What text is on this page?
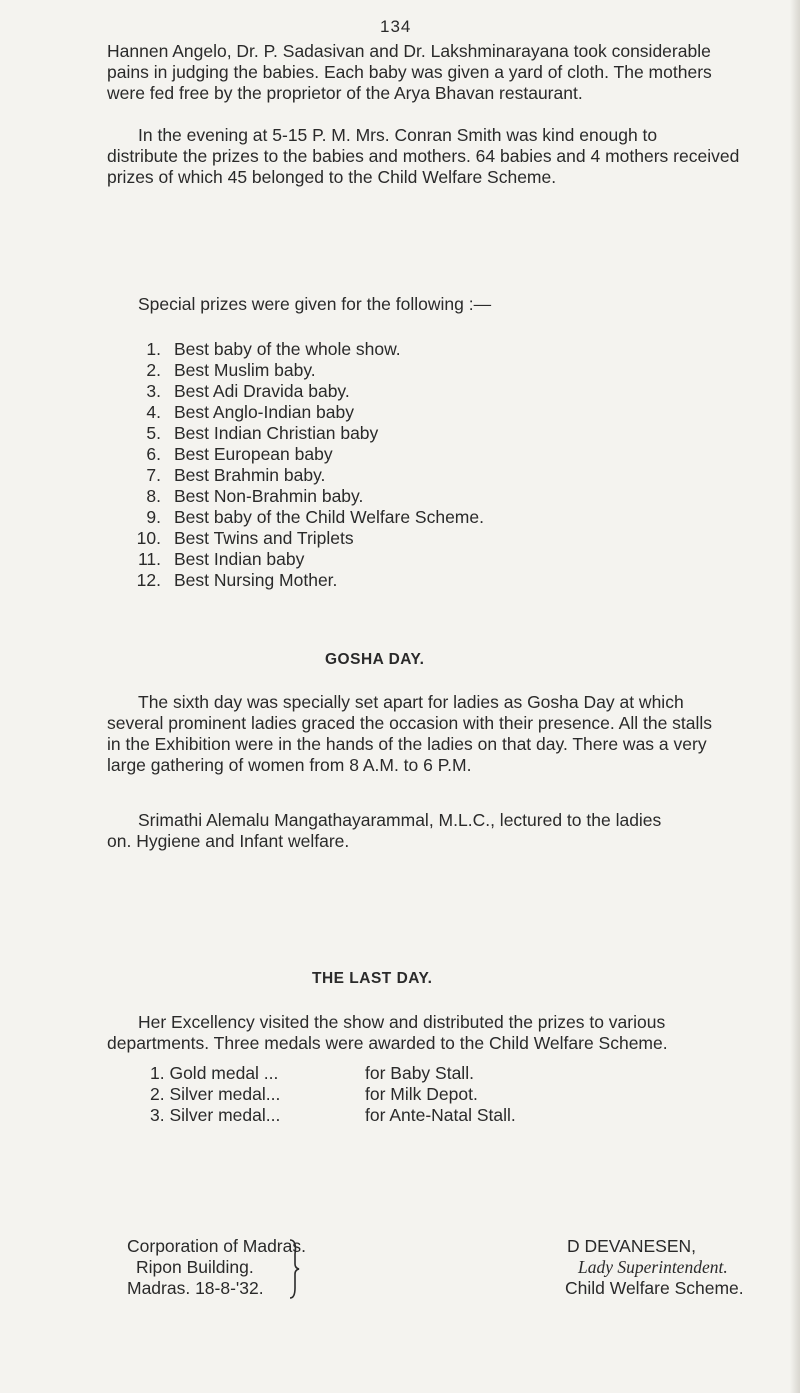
134

Hannen Angelo, Dr. P. Sadasivan and Dr. Lakshminarayana took considerable

pains in judging the babies. Each baby was given a yard of cloth. The mothers

were fed free by the proprietor of the Arya Bhavan restaurant.

In the evening at 5-15 P. M. Mrs. Conran Smith was kind enough to

distribute the prizes to the babies and mothers. 64 babies and 4 mothers received

prizes of which 45 belonged to the Child Welfare Scheme.

Special prizes were given for the following :—
1. Best baby of the whole show.
2. Best Muslim baby.
3. Best Adi Dravida baby.
4. Best Anglo-Indian baby
5. Best Indian Christian baby
6. Best European baby
7. Best Brahmin baby.
8. Best Non-Brahmin baby.
9. Best baby of the Child Welfare Scheme.
10. Best Twins and Triplets
11. Best Indian baby
12. Best Nursing Mother.
GOSHA DAY.

The sixth day was specially set apart for ladies as Gosha Day at which

several prominent ladies graced the occasion with their presence. All the stalls

in the Exhibition were in the hands of the ladies on that day. There was a very

large gathering of women from 8 A.M. to 6 P.M.

Srimathi Alemalu Mangathayarammal, M.L.C., lectured to the ladies

on. Hygiene and Infant welfare.

THE LAST DAY.

Her Excellency visited the show and distributed the prizes to various

departments. Three medals were awarded to the Child Welfare Scheme.

1. Gold medal ...	for Baby Stall.
2. Silver medal...	for Milk Depot.
3. Silver medal...	for Ante-Natal Stall.
Corporation of Madras.
Ripon Building.
Madras. 18-8-'32.
D DEVANESEN,
Lady Superintendent.
Child Welfare Scheme.
